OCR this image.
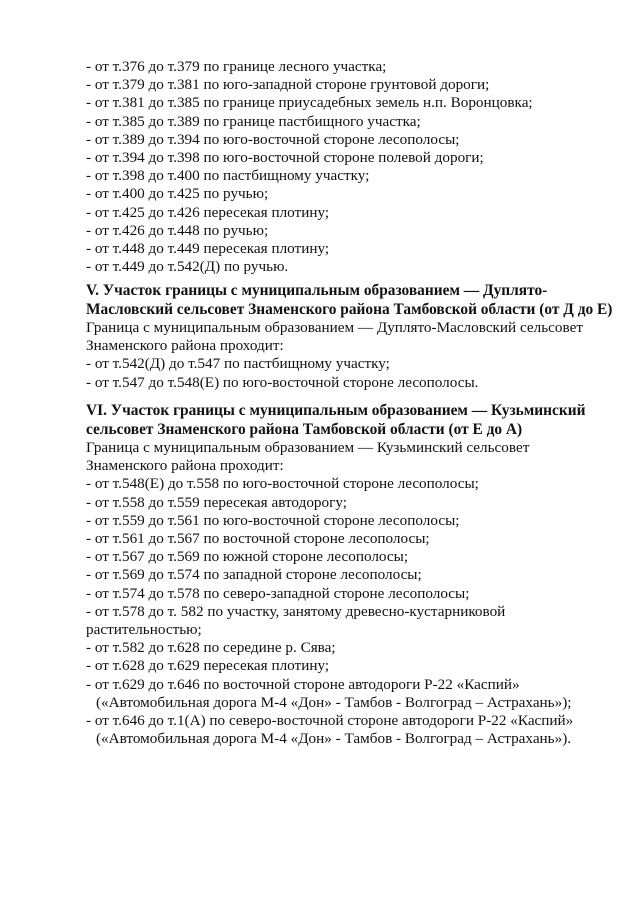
- от т.376 до т.379 по границе лесного участка;
- от т.379 до т.381 по юго-западной стороне грунтовой дороги;
- от т.381 до т.385 по границе приусадебных земель н.п. Воронцовка;
- от т.385 до т.389 по границе пастбищного участка;
- от т.389 до т.394 по юго-восточной стороне лесополосы;
- от т.394 до т.398 по юго-восточной стороне полевой дороги;
- от т.398 до т.400 по пастбищному участку;
- от т.400 до т.425 по ручью;
- от т.425 до т.426 пересекая плотину;
- от т.426 до т.448 по ручью;
- от т.448 до т.449 пересекая плотину;
- от т.449 до т.542(Д) по ручью.
V. Участок границы с муниципальным образованием — Дуплято-
Масловский сельсовет Знаменского района Тамбовской области (от Д до Е)
Граница с муниципальным образованием — Дуплято-Масловский сельсовет
Знаменского района проходит:
- от т.542(Д) до т.547 по пастбищному участку;
- от т.547 до т.548(Е) по юго-восточной стороне лесополосы.
VI. Участок границы с муниципальным образованием — Кузьминский
сельсовет Знаменского района Тамбовской области (от Е до А)
Граница с муниципальным образованием — Кузьминский сельсовет
Знаменского района проходит:
- от т.548(Е) до т.558 по юго-восточной стороне лесополосы;
- от т.558 до т.559 пересекая автодорогу;
- от т.559 до т.561 по юго-восточной стороне лесополосы;
- от т.561 до т.567 по восточной стороне лесополосы;
- от т.567 до т.569 по южной стороне лесополосы;
- от т.569 до т.574 по западной стороне лесополосы;
- от т.574 до т.578 по северо-западной стороне лесополосы;
- от т.578 до т. 582 по участку, занятому древесно-кустарниковой
растительностью;
- от т.582 до т.628 по середине р. Сява;
- от т.628 до т.629 пересекая плотину;
- от т.629 до т.646 по восточной стороне автодороги Р-22 «Каспий»
(«Автомобильная дорога М-4 «Дон» - Тамбов - Волгоград – Астрахань»);
- от т.646 до т.1(А) по северо-восточной стороне автодороги Р-22 «Каспий»
(«Автомобильная дорога М-4 «Дон» - Тамбов - Волгоград – Астрахань»).
